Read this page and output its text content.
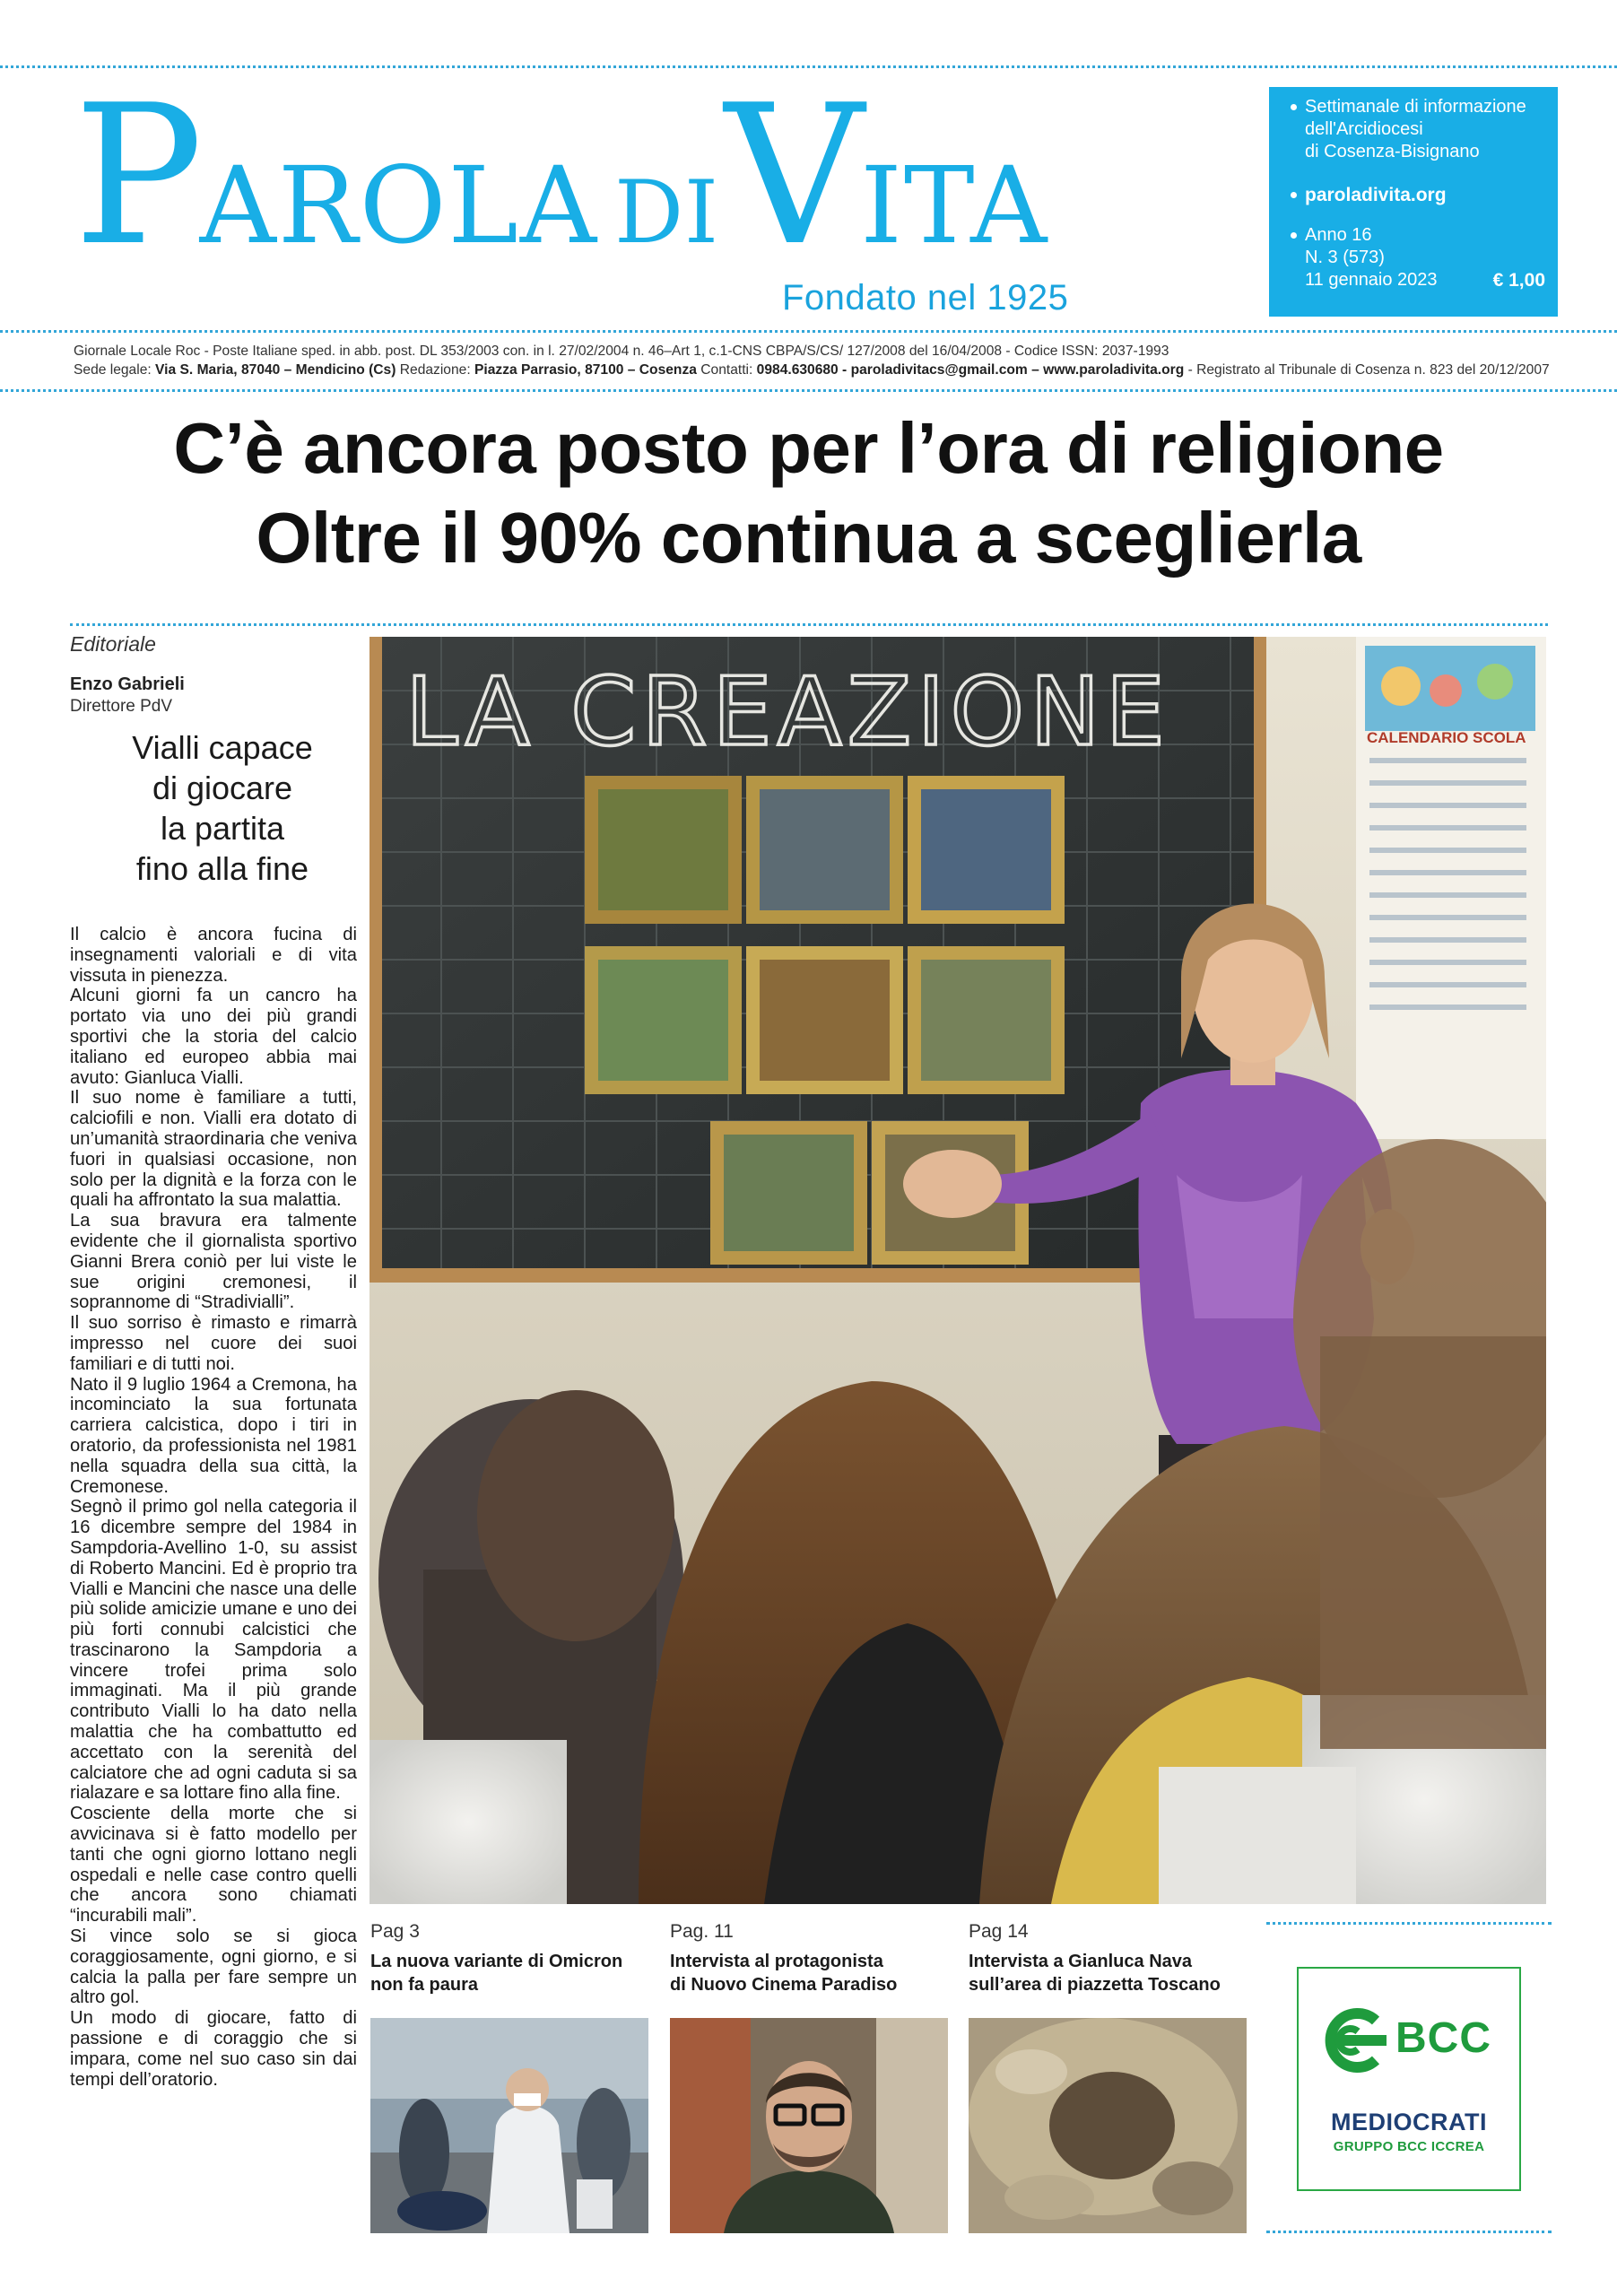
PAROLA DIVITA
Fondato nel 1925
Settimanale di informazione
dell'Arcidiocesi
di Cosenza-Bisignano
paroladivita.org
Anno 16
N. 3 (573)
11 gennaio 2023	€ 1,00
Giornale Locale Roc - Poste Italiane sped. in abb. post. DL 353/2003 con. in l. 27/02/2004 n. 46–Art 1, c.1-CNS CBPA/S/CS/ 127/2008 del 16/04/2008 - Codice ISSN: 2037-1993
Sede legale: Via S. Maria, 87040 – Mendicino (Cs) Redazione: Piazza Parrasio, 87100 – Cosenza Contatti: 0984.630680 - paroladivitacs@gmail.com – www.paroladivita.org - Registrato al Tribunale di Cosenza n. 823 del 20/12/2007
C’è ancora posto per l’ora di religione
Oltre il 90% continua a sceglierla
Editoriale
Enzo Gabrieli
Direttore PdV
Vialli capace
di giocare
la partita
fino alla fine

Il calcio è ancora fucina di insegnamenti valoriali e di vita vissuta in pienezza.

Alcuni giorni fa un cancro ha portato via uno dei più grandi sportivi che la storia del calcio italiano ed europeo abbia mai avuto: Gianluca Vialli.

Il suo nome è familiare a tutti, calciofili e non. Vialli era dotato di un’umanità straordinaria che veniva fuori in qualsiasi occasione, non solo per la dignità e la forza con le quali ha affrontato la sua malattia.

La sua bravura era talmente evidente che il giornalista sportivo Gianni Brera coniò per lui viste le sue origini cremonesi, il soprannome di “Stradivialli”.

Il suo sorriso è rimasto e rimarrà impresso nel cuore dei suoi familiari e di tutti noi.

Nato il 9 luglio 1964 a Cremona, ha incominciato la sua fortunata carriera calcistica, dopo i tiri in oratorio, da professionista nel 1981 nella squadra della sua città, la Cremonese.

Segnò il primo gol nella categoria il 16 dicembre sempre del 1984 in Sampdoria-Avellino 1-0, su assist di Roberto Mancini. Ed è proprio tra Vialli e Mancini che nasce una delle più solide amicizie umane e uno dei più forti connubi calcistici che trascinarono la Sampdoria a vincere trofei prima solo immaginati. Ma il più grande contributo Vialli lo ha dato nella malattia che ha combattutto ed accettato con la serenità del calciatore che ad ogni caduta si sa rialazare e sa lottare fino alla fine.

Cosciente della morte che si avvicinava si è fatto modello per tanti che ogni giorno lottano negli ospedali e nelle case contro quelli che ancora sono chiamati “incurabili mali”.

Si vince solo se si gioca coraggiosamente, ogni giorno, e si calcia la palla per fare sempre un altro gol.

Un modo di giocare, fatto di passione e di coraggio che si impara, come nel suo caso sin dai tempi dell’oratorio.

CALENDARIO SCOLA
LA CREAZIONE
Pag 3
La nuova variante di Omicron
non fa paura
Pag. 11
Intervista al protagonista
di Nuovo Cinema Paradiso
Pag 14
Intervista a Gianluca Nava
sull’area di piazzetta Toscano
BCC
MEDIOCRATI
GRUPPO BCC ICCREA
